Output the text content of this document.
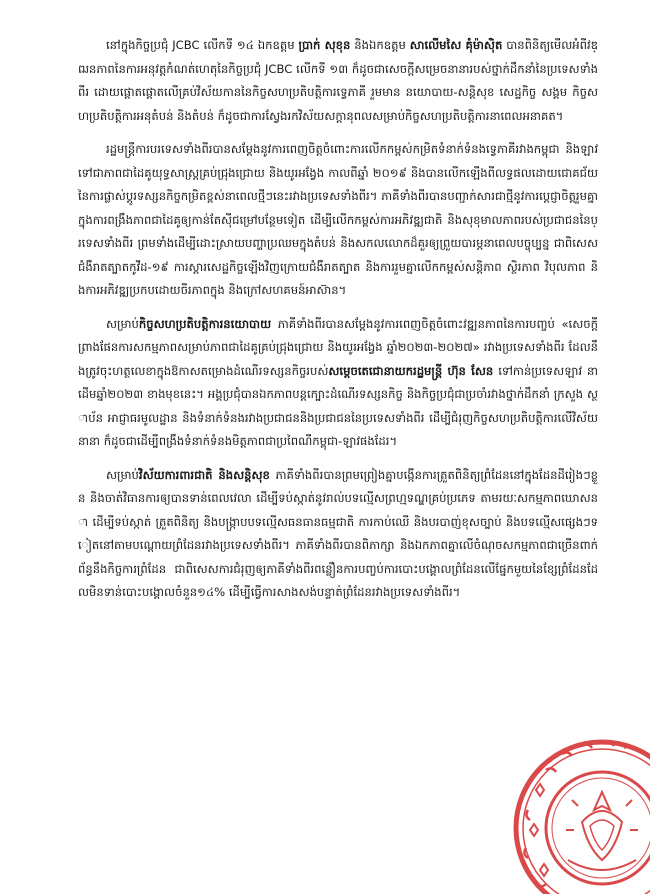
នៅក្នុងកិច្ចប្រជុំ JCBC លើកទី ១៤ ឯកឧត្តម ប្រាក់ សុខុន និងឯកឧត្តម សាលើមសៃ គុំម៉ាស៊ិត បានពិនិត្យមើលអំពីវឌ្ឍនភាពនៃការអនុវត្តកំណត់ហេតុនៃកិច្ចប្រជុំ JCBC លើកទី ១៣ ក៏ដូចជាសេចក្ដីសម្រេចនានារបស់ថ្នាក់ដឹកនាំនៃប្រទេសទាំងពីរ ដោយផ្ដោតផ្ដោតលើគ្រប់វិស័យកាននៃកិច្ចសហប្រតិបត្តិការទ្វេភាគី រួមមាន នយោបាយ-សន្តិសុខ សេដ្ឋកិច្ច សង្គម កិច្ចសហប្រតិបត្តិការអនុតំបន់ និងតំបន់ ក៏ដូចជាការស្វែងរកវិស័យសក្ដានុពលសម្រាប់កិច្ចសហប្រតិបត្តិការនាពេលអនាគត។

រដ្ឋមន្ត្រីការបរទេសទាំងពីរបានសម្ដែងនូវការពេញចិត្តចំពោះការលើកកម្ពស់កម្រិតទំនាក់ទំនងទ្វេភាគីរវាងកម្ពុជា និងឡាវ ទៅជាភាពជាដៃគូយុទ្ធសាស្ត្រគ្រប់ជ្រុងជ្រោយ និងយូរអង្វែង កាលពីឆ្នាំ ២០១៩ និងបានលើកឡើងពីលទ្ធផលដោយជោគជ័យនៃការផ្លាស់ប្ដូរទស្សនកិច្ចកម្រិតខ្ពស់នាពេលថ្មីៗនេះរវាងប្រទេសទាំងពីរ។ ភាគីទាំងពីរបានបញ្ជាក់សារជាថ្មីនូវការប្ដេជ្ញាចិត្តរួមគ្នា ក្នុងការពង្រឹងភាពជាដៃគូឲ្យកាន់តែស៊ីជម្រៅបន្ថែមទៀត ដើម្បីលើកកម្ពស់ការអភិវឌ្ឍជាតិ និងសុខុមាលភាពរបស់ប្រជាជននៃប្រទេសទាំងពីរ ព្រមទាំងដើម្បីដោះស្រាយបញ្ហាប្រឈមក្នុងតំបន់ និងសកលលោកដ៏គួរឲ្យព្រួយបារម្ភនាពេលបច្ចុប្បន្ន ជាពិសេសជំងឺរាតត្បាតកូវីដ-១៩ ការស្ដារសេដ្ឋកិច្ចឡើងវិញក្រោយជំងឺរាតត្បាត និងការរួមគ្នាលើកកម្ពស់សន្តិភាព ស្ថិរភាព វិបុលភាព និងការអភិវឌ្ឍប្រកបដោយចីរភាពក្នុង និងក្រៅសហគមន៍អាស៊ាន។

សម្រាប់កិច្ចសហប្រតិបត្តិការនយោបាយ ភាគីទាំងពីរបានសម្ដែងនូវការពេញចិត្តចំពោះវឌ្ឍនភាពនៃការបញ្ចប់ «សេចក្ដីព្រាងផែនការសកម្មភាពសម្រាប់ភាពជាដៃគូគ្រប់ជ្រុងជ្រោយ និងយូរអង្វែង ឆ្នាំ២០២៣-២០២៧» រវាងប្រទេសទាំងពីរ ដែលនឹងត្រូវចុះហត្ថលេខាក្នុងឱកាសតម្រោងដំណើរទស្សនកិច្ចរបស់សម្ដេចតេជោនាយករដ្ឋមន្ត្រី ហ៊ុន សែន ទៅកាន់ប្រទេសឡាវ នាដើមឆ្នាំ២០២៣ ខាងមុខនេះ។ អង្គប្រជុំបានឯកភាពបន្តក្បោះដំណើរទស្សនកិច្ច និងកិច្ចប្រជុំជាប្រចាំរវាងថ្នាក់ដឹកនាំ ក្រសួង ស្ថាប័ន អាជ្ញាធរមូលដ្ឋាន និងទំនាក់ទំនងរវាងប្រជាជននិងប្រជាជននៃប្រទេសទាំងពីរ ដើម្បីជំរុញកិច្ចសហប្រតិបត្តិការលើវិស័យនានា ក៏ដូចជាដើម្បីពង្រឹងទំនាក់ទំនងមិត្តភាពជាប្រពៃណីកម្ពុជា-ឡាវផងដែរ។

សម្រាប់វិស័យការពារជាតិ និងសន្តិសុខ ភាគីទាំងពីរបានព្រមព្រៀងគ្នាបង្កើនការត្រួតពិនិត្យព្រំដែននៅក្នុងដែនដីរៀងៗខ្លួន និងចាត់វិធានការឲ្យបានទាន់ពេលវេលា ដើម្បីទប់ស្កាត់នូវរាល់បទល្មើសព្រហ្មទណ្ឌគ្រប់ប្រភេទ តាមរយៈសកម្មភាពឃោសនា ដើម្បីទប់ស្កាត់ ត្រួតពិនិត្យ និងបង្ក្រាបបទល្មើសធនធានធម្មជាតិ ការកាប់ឈើ និងបរបាញ់ខុសច្បាប់ និងបទល្មើសផ្សេងៗទៀតនៅតាមបណ្ដោយព្រំដែនរវាងប្រទេសទាំងពីរ។ ភាគីទាំងពីរបានពិភាក្សា និងឯកភាពគ្នាលើចំណុចសកម្មភាពជាច្រើនពាក់ព័ន្ធនឹងកិច្ចការព្រំដែន ជាពិសេសការជំរុញឲ្យភាគីទាំងពីរពន្លឿនការបញ្ចប់ការបោះបង្គោលព្រំដែនលើផ្នែកមួយនៃខ្សែព្រំដែនដែលមិនទាន់បោះបង្គោលចំនួន១៤% ដើម្បីធ្វើការសាងសង់បន្ទាត់ព្រំដែនរវាងប្រទេសទាំងពីរ។
